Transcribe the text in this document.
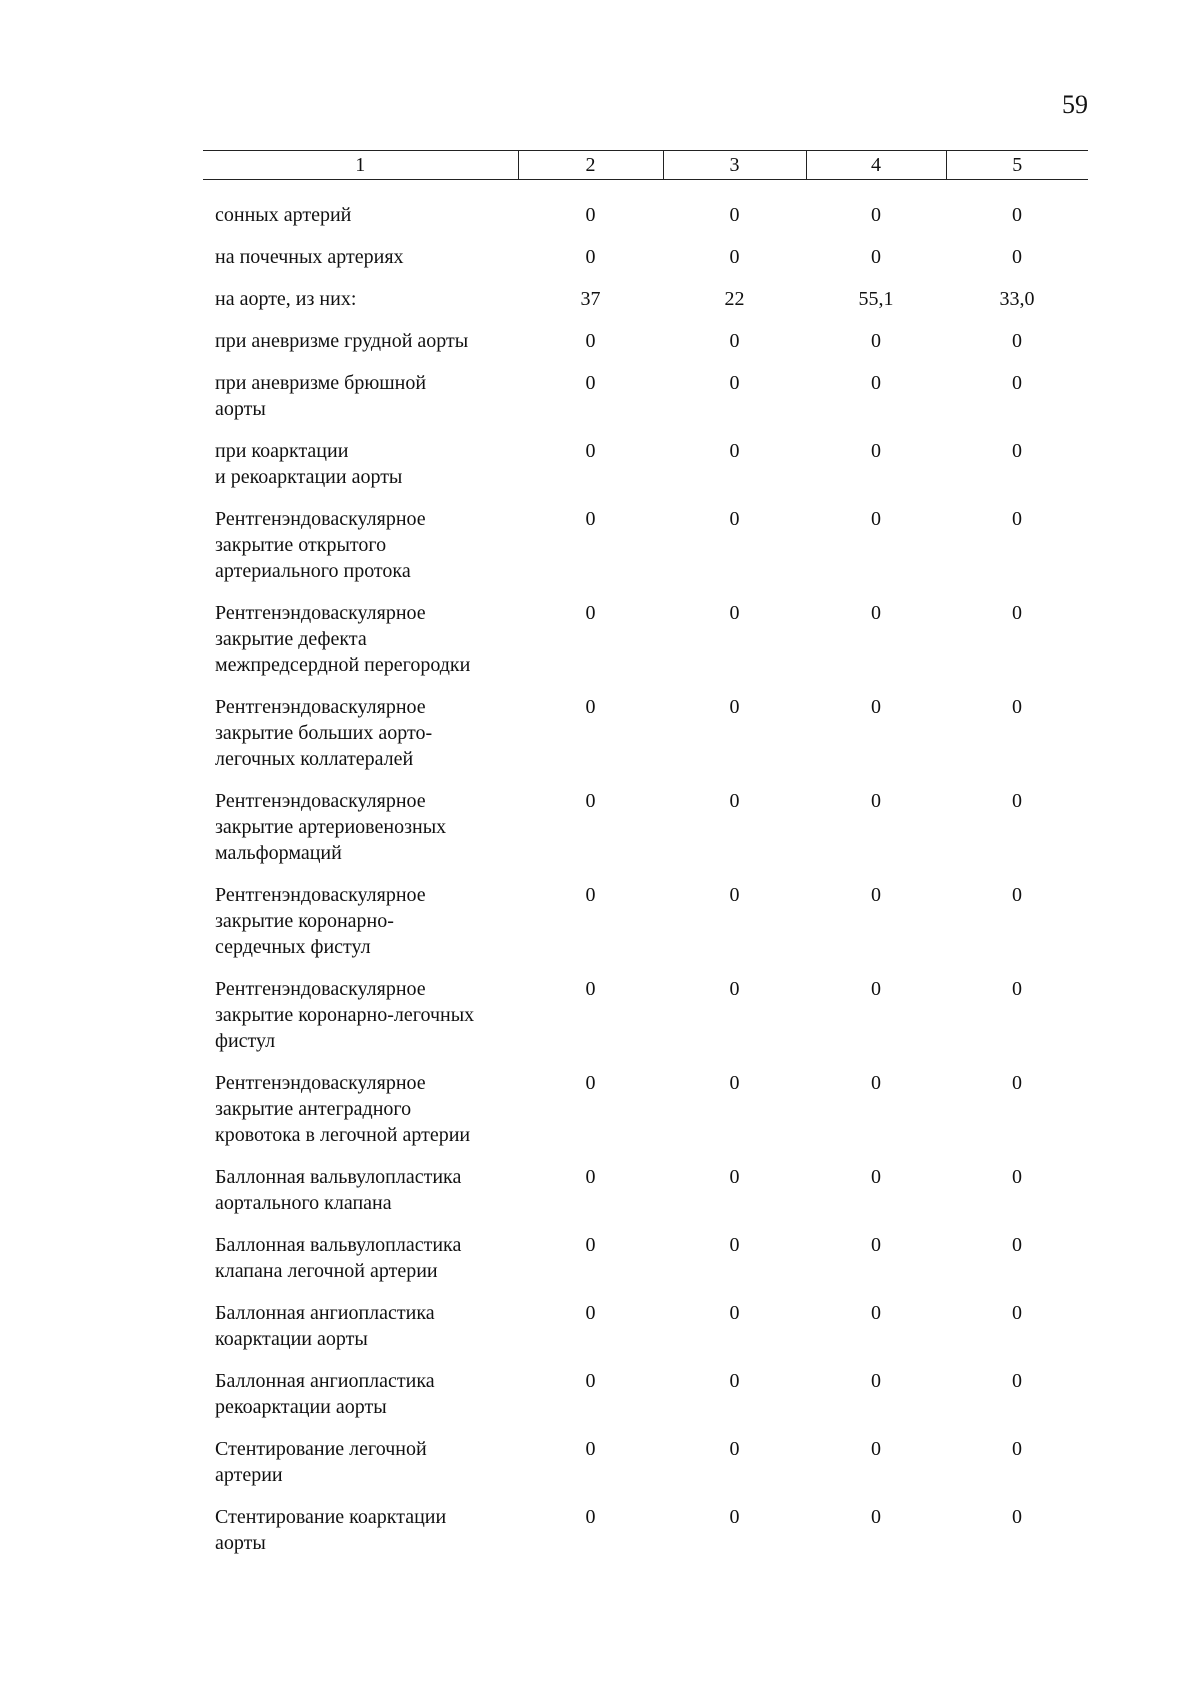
59
1	2	3	4	5

сонных артерий	0	0	0	0

на почечных артериях	0	0	0	0

на аорте, из них:	37	22	55,1	33,0

при аневризме грудной аорты	0	0	0	0

при аневризме брюшной
аорты	0	0	0	0

при коарктации
и рекоарктации аорты	0	0	0	0

Рентгенэндоваскулярное
закрытие открытого
артериального протока	0	0	0	0

Рентгенэндоваскулярное
закрытие дефекта
межпредсердной перегородки	0	0	0	0

Рентгенэндоваскулярное
закрытие больших аорто-
легочных коллатералей	0	0	0	0

Рентгенэндоваскулярное
закрытие артериовенозных
мальформаций	0	0	0	0

Рентгенэндоваскулярное
закрытие коронарно-
сердечных фистул	0	0	0	0

Рентгенэндоваскулярное
закрытие коронарно-легочных
фистул	0	0	0	0

Рентгенэндоваскулярное
закрытие антеградного
кровотока в легочной артерии	0	0	0	0

Баллонная вальвулопластика
аортального клапана	0	0	0	0

Баллонная вальвулопластика
клапана легочной артерии	0	0	0	0

Баллонная ангиопластика
коарктации аорты	0	0	0	0

Баллонная ангиопластика
рекоарктации аорты	0	0	0	0

Стентирование легочной
артерии	0	0	0	0

Стентирование коарктации
аорты	0	0	0	0
